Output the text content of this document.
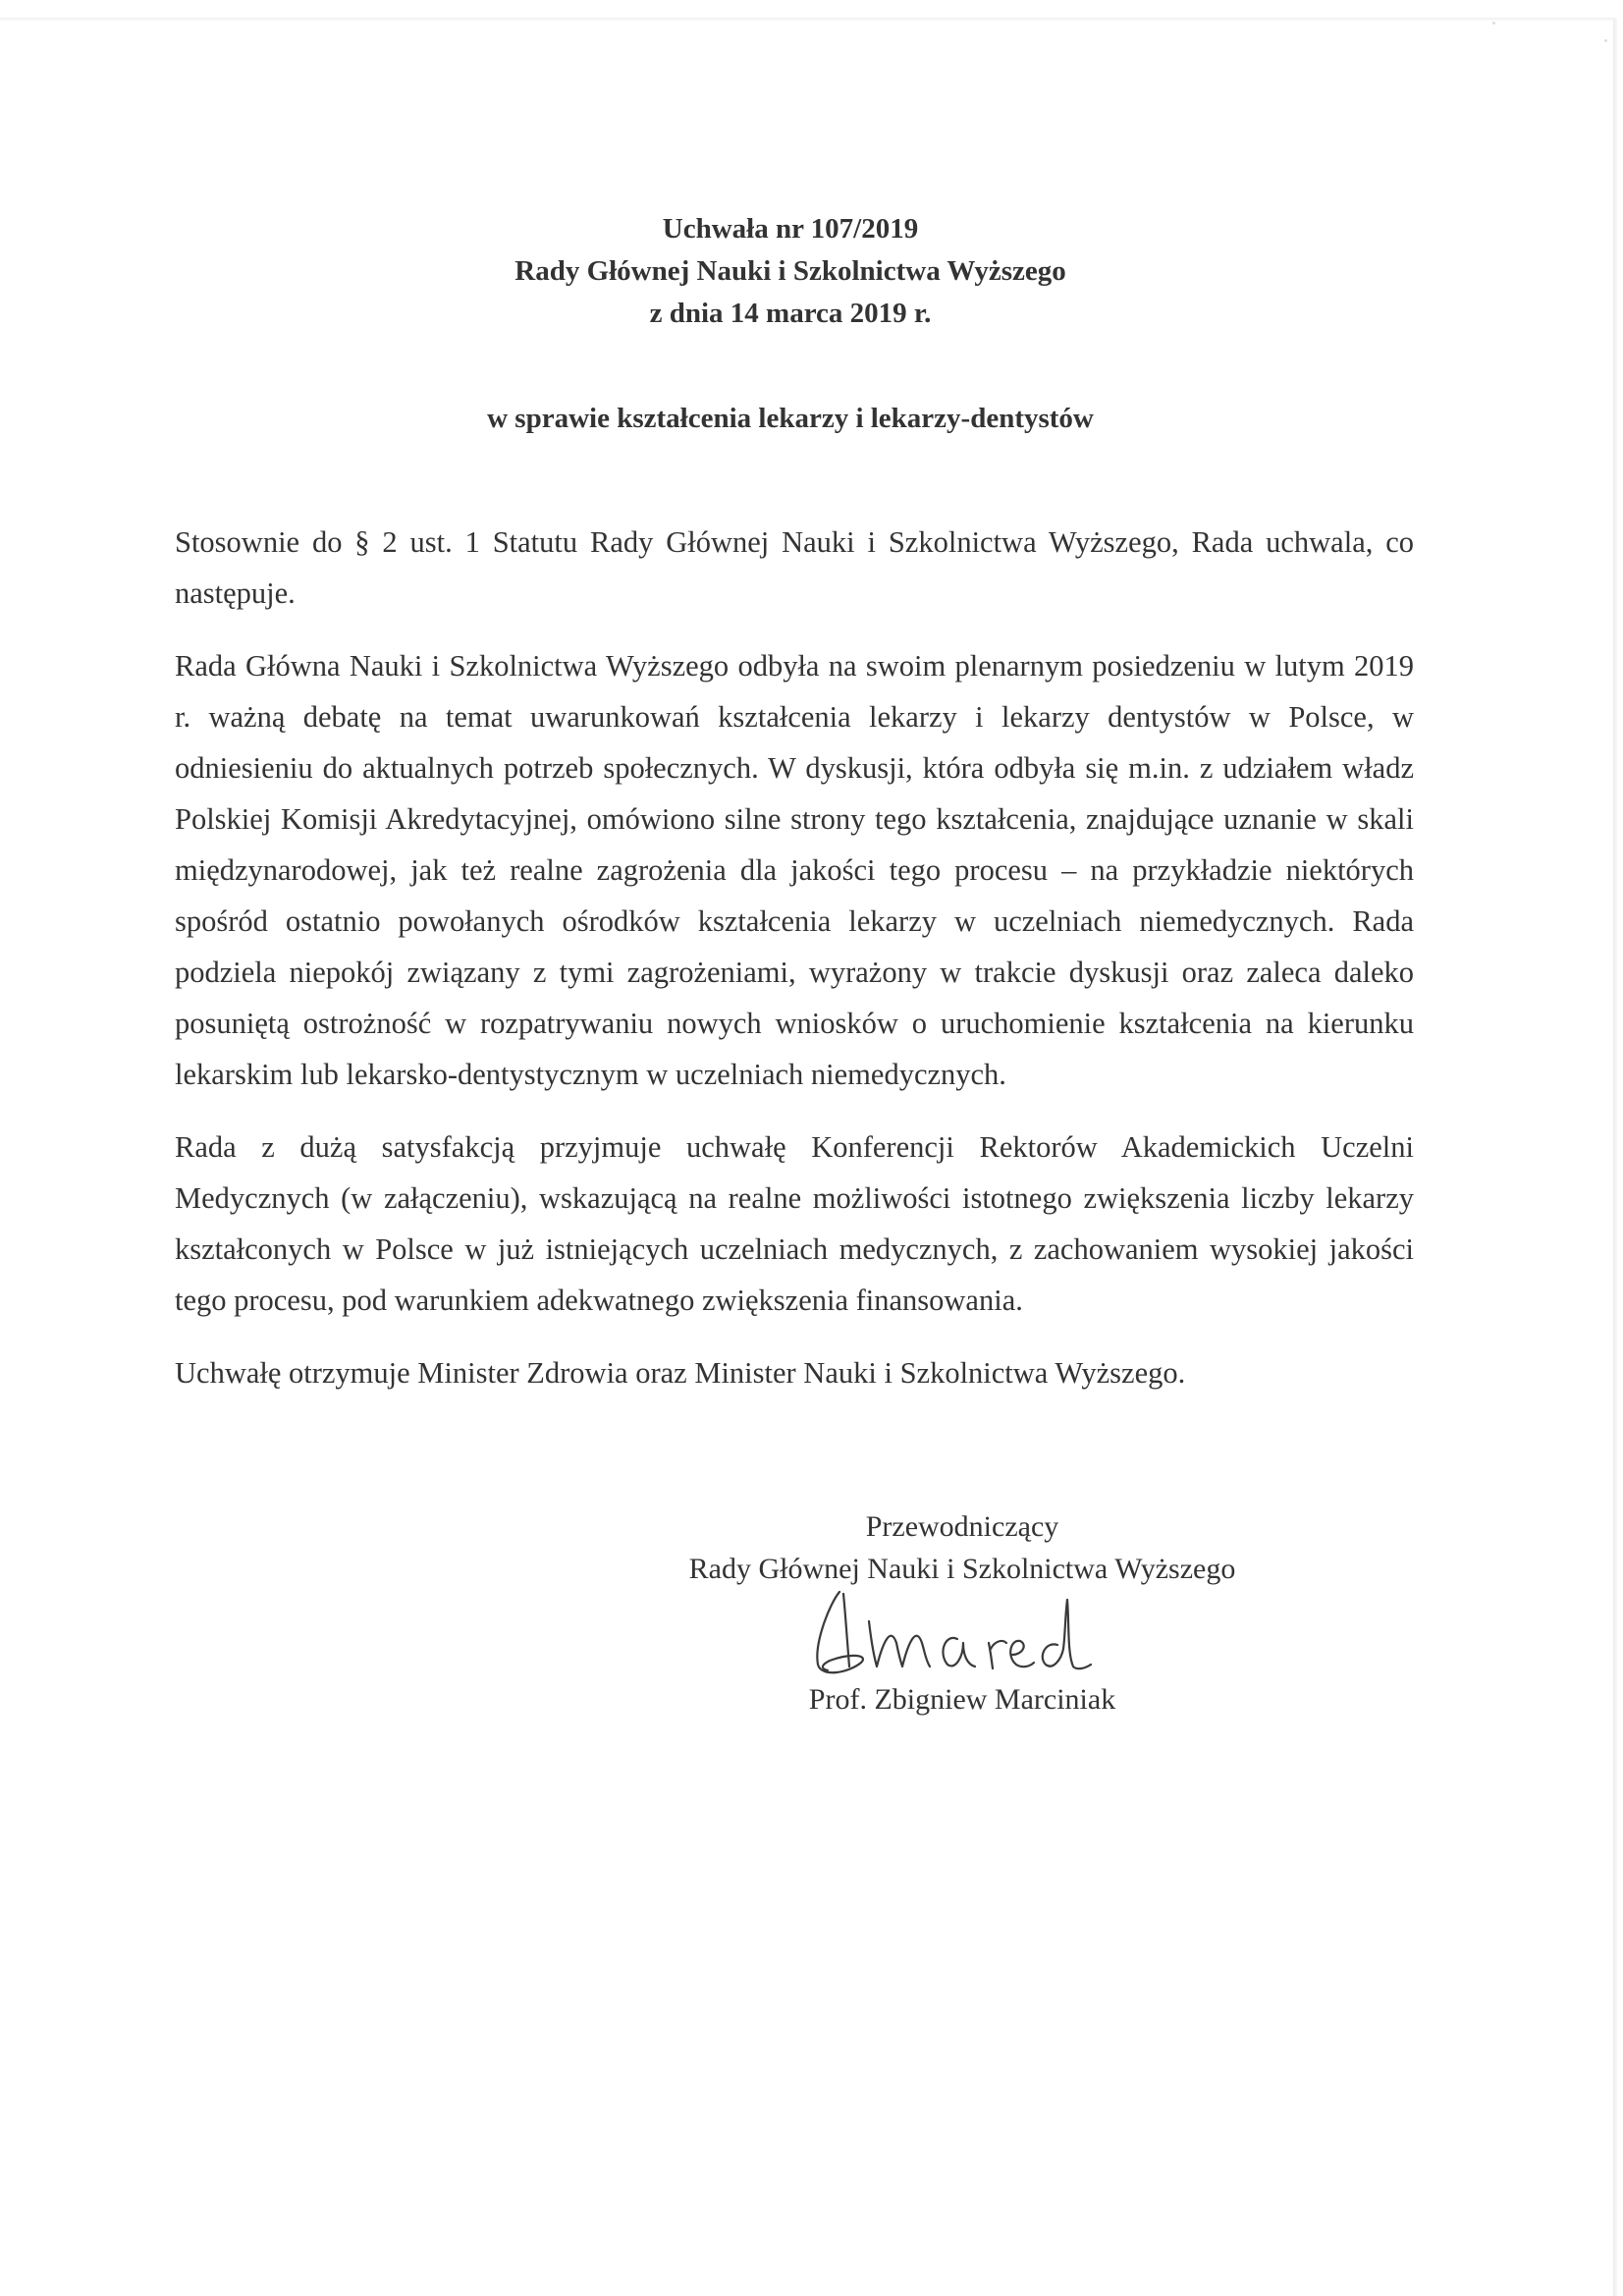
Uchwała nr 107/2019
Rady Głównej Nauki i Szkolnictwa Wyższego
z dnia 14 marca 2019 r.
w sprawie kształcenia lekarzy i lekarzy-dentystów

Stosownie do § 2 ust. 1 Statutu Rady Głównej Nauki i Szkolnictwa Wyższego, Rada uchwala, co następuje.

Rada Główna Nauki i Szkolnictwa Wyższego odbyła na swoim plenarnym posiedzeniu w lutym 2019 r. ważną debatę na temat uwarunkowań kształcenia lekarzy i lekarzy dentystów w Polsce, w odniesieniu do aktualnych potrzeb społecznych. W dyskusji, która odbyła się m.in. z udziałem władz Polskiej Komisji Akredytacyjnej, omówiono silne strony tego kształcenia, znajdujące uznanie w skali międzynarodowej, jak też realne zagrożenia dla jakości tego procesu – na przykładzie niektórych spośród ostatnio powołanych ośrodków kształcenia lekarzy w uczelniach niemedycznych. Rada podziela niepokój związany z tymi zagrożeniami, wyrażony w trakcie dyskusji oraz zaleca daleko posuniętą ostrożność w rozpatrywaniu nowych wniosków o uruchomienie kształcenia na kierunku lekarskim lub lekarsko-dentystycznym w uczelniach niemedycznych.

Rada z dużą satysfakcją przyjmuje uchwałę Konferencji Rektorów Akademickich Uczelni Medycznych (w załączeniu), wskazującą na realne możliwości istotnego zwiększenia liczby lekarzy kształconych w Polsce w już istniejących uczelniach medycznych, z zachowaniem wysokiej jakości tego procesu, pod warunkiem adekwatnego zwiększenia finansowania.

Uchwałę otrzymuje Minister Zdrowia oraz Minister Nauki i Szkolnictwa Wyższego.

Przewodniczący
Rady Głównej Nauki i Szkolnictwa Wyższego
Prof. Zbigniew Marciniak
